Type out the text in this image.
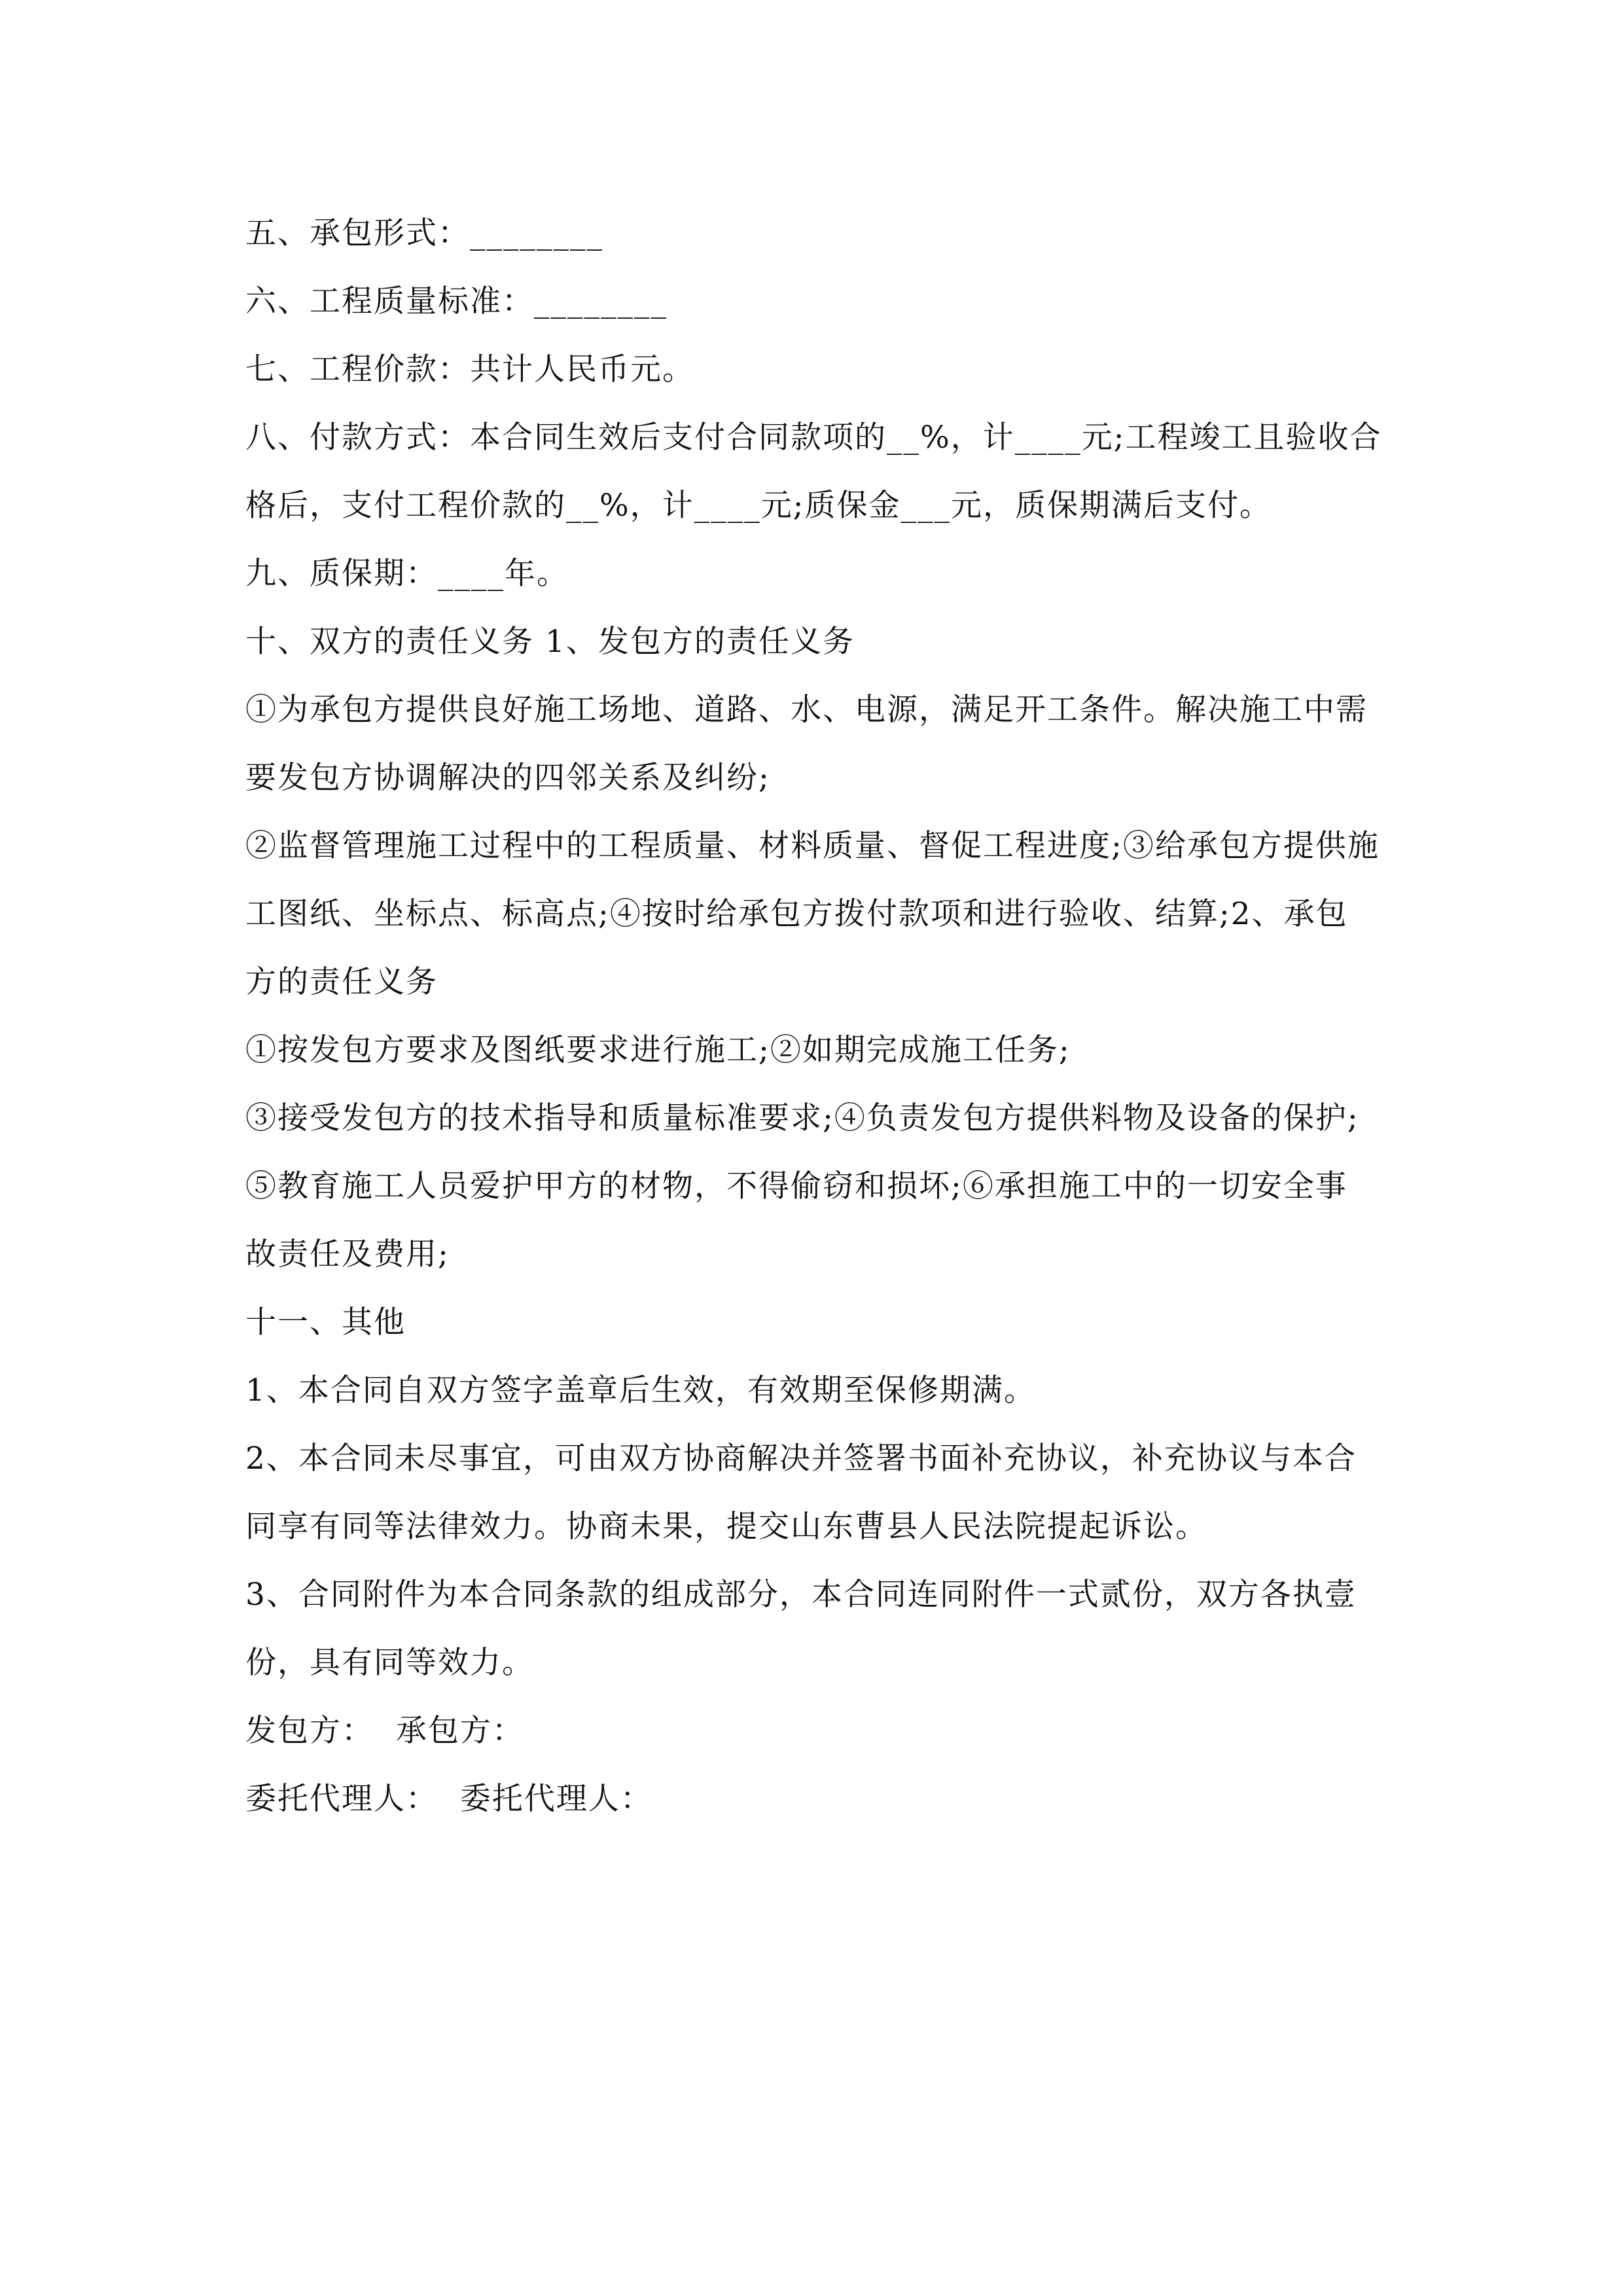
五、承包形式：________
六、工程质量标准：________
七、工程价款：共计人民币元。
八、付款方式：本合同生效后支付合同款项的__%，计____元;工程竣工且验收合
格后，支付工程价款的__%，计____元;质保金___元，质保期满后支付。
九、质保期：____年。
十、双方的责任义务 1、发包方的责任义务
①为承包方提供良好施工场地、道路、水、电源，满足开工条件。解决施工中需
要发包方协调解决的四邻关系及纠纷;
②监督管理施工过程中的工程质量、材料质量、督促工程进度;③给承包方提供施
工图纸、坐标点、标高点;④按时给承包方拨付款项和进行验收、结算;2、承包
方的责任义务
①按发包方要求及图纸要求进行施工;②如期完成施工任务;
③接受发包方的技术指导和质量标准要求;④负责发包方提供料物及设备的保护;
⑤教育施工人员爱护甲方的材物，不得偷窃和损坏;⑥承担施工中的一切安全事
故责任及费用;
十一、其他
1、本合同自双方签字盖章后生效，有效期至保修期满。
2、本合同未尽事宜，可由双方协商解决并签署书面补充协议，补充协议与本合
同享有同等法律效力。协商未果，提交山东曹县人民法院提起诉讼。
3、合同附件为本合同条款的组成部分，本合同连同附件一式贰份，双方各执壹
份，具有同等效力。
发包方：  承包方：
委托代理人：  委托代理人：
